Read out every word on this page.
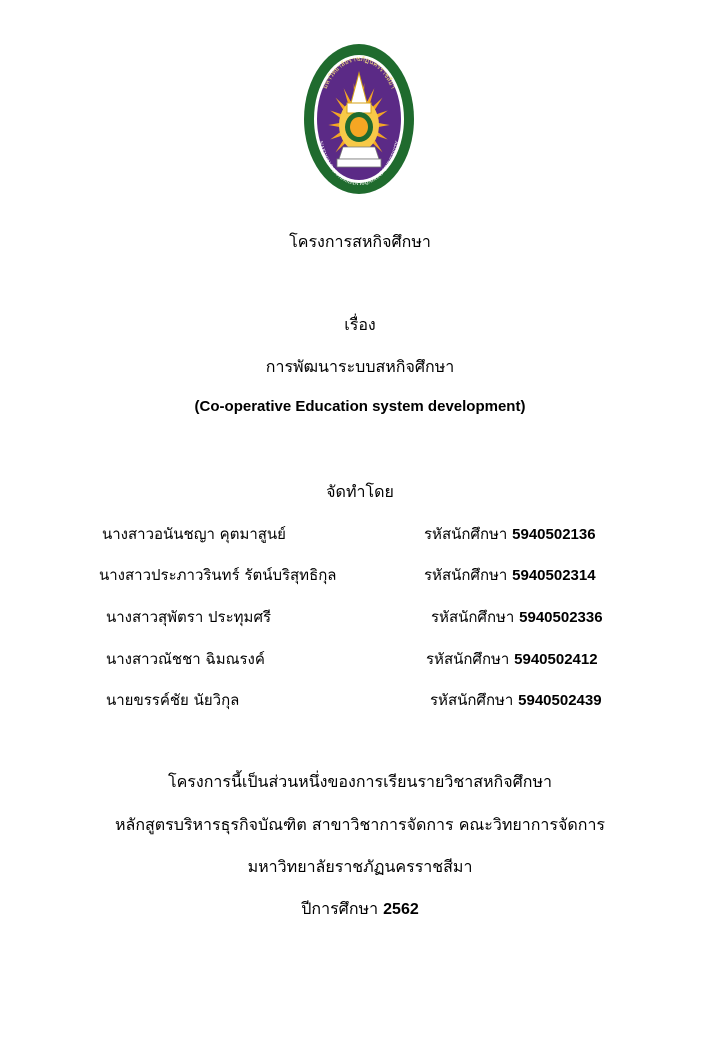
มหาวิทยาลัยราชภัฏนครราชสีมา
NAKHON RATCHASIMA RAJABHAT UNIVERSITY
โครงการสหกิจศึกษา
เรื่อง
การพัฒนาระบบสหกิจศึกษา
(Co-operative Education system development)
จัดทำโดย
นางสาวอนันชญา คุตมาสูนย์	รหัสนักศึกษา 5940502136
นางสาวประภาวรินทร์ รัตน์บริสุทธิกุล	รหัสนักศึกษา 5940502314
นางสาวสุพัตรา ประทุมศรี	รหัสนักศึกษา 5940502336
นางสาวณัชชา ฉิมณรงค์	รหัสนักศึกษา 5940502412
นายขรรค์ชัย นัยวิกุล	รหัสนักศึกษา 5940502439
โครงการนี้เป็นส่วนหนึ่งของการเรียนรายวิชาสหกิจศึกษา
หลักสูตรบริหารธุรกิจบัณฑิต สาขาวิชาการจัดการ คณะวิทยาการจัดการ
มหาวิทยาลัยราชภัฏนครราชสีมา
ปีการศึกษา 2562
